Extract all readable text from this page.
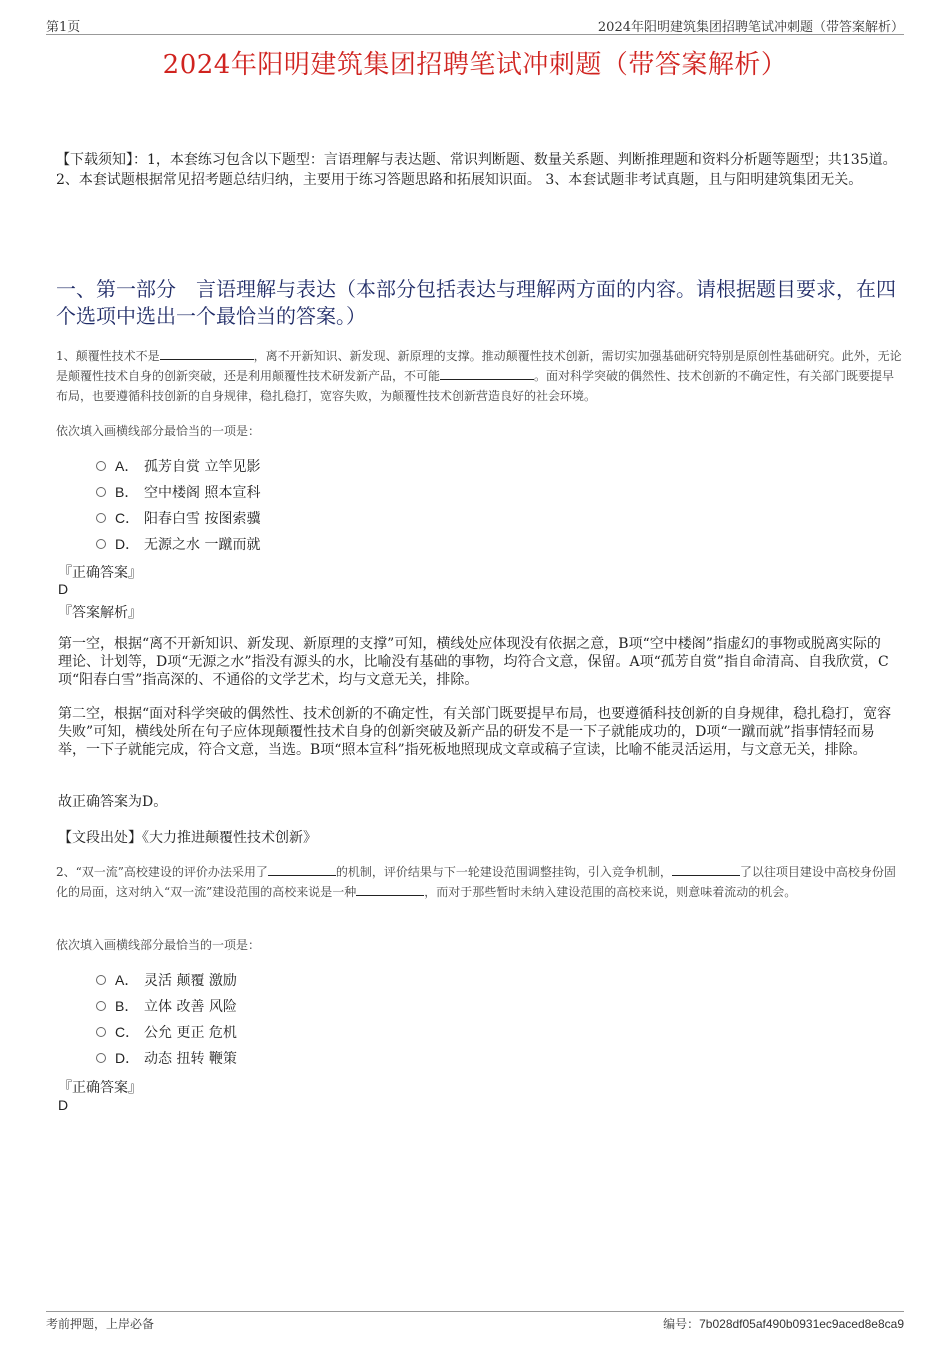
第1页	2024年阳明建筑集团招聘笔试冲刺题（带答案解析）
2024年阳明建筑集团招聘笔试冲刺题（带答案解析）
【下载须知】：1，本套练习包含以下题型：言语理解与表达题、常识判断题、数量关系题、判断推理题和资料分析题等题型；共135道。 2、本套试题根据常见招考题总结归纳，主要用于练习答题思路和拓展知识面。 3、本套试题非考试真题，且与阳明建筑集团无关。
一、第一部分　言语理解与表达（本部分包括表达与理解两方面的内容。请根据题目要求，在四个选项中选出一个最恰当的答案。）
1、颠覆性技术不是	，离不开新知识、新发现、新原理的支撑。推动颠覆性技术创新，需切实加强基础研究特别是原创性基础研究。此外，无论是颠覆性技术自身的创新突破，还是利用颠覆性技术研发新产品，不可能	。面对科学突破的偶然性、技术创新的不确定性，有关部门既要提早布局，也要遵循科技创新的自身规律，稳扎稳打，宽容失败，为颠覆性技术创新营造良好的社会环境。
依次填入画横线部分最恰当的一项是：
A． 孤芳自赏 立竿见影
B． 空中楼阁 照本宣科
C． 阳春白雪 按图索骥
D． 无源之水 一蹴而就
『正确答案』
D
『答案解析』
第一空，根据“离不开新知识、新发现、新原理的支撑”可知，横线处应体现没有依据之意，B项“空中楼阁”指虚幻的事物或脱离实际的理论、计划等，D项“无源之水”指没有源头的水，比喻没有基础的事物，均符合文意，保留。A项“孤芳自赏”指自命清高、自我欣赏，C项“阳春白雪”指高深的、不通俗的文学艺术，均与文意无关，排除。
第二空，根据“面对科学突破的偶然性、技术创新的不确定性，有关部门既要提早布局，也要遵循科技创新的自身规律，稳扎稳打，宽容失败”可知，横线处所在句子应体现颠覆性技术自身的创新突破及新产品的研发不是一下子就能成功的，D项“一蹴而就”指事情轻而易举，一下子就能完成，符合文意，当选。B项“照本宣科”指死板地照现成文章或稿子宣读，比喻不能灵活运用，与文意无关，排除。
故正确答案为D。
【文段出处】《大力推进颠覆性技术创新》
2、“双一流”高校建设的评价办法采用了	的机制，评价结果与下一轮建设范围调整挂钩，引入竞争机制，	了以往项目建设中高校身份固化的局面，这对纳入“双一流”建设范围的高校来说是一种	，而对于那些暂时未纳入建设范围的高校来说，则意味着流动的机会。
依次填入画横线部分最恰当的一项是：
A． 灵活 颠覆 激励
B． 立体 改善 风险
C． 公允 更正 危机
D． 动态 扭转 鞭策
『正确答案』
D
考前押题，上岸必备	编号：7b028df05af490b0931ec9aced8e8ca9
